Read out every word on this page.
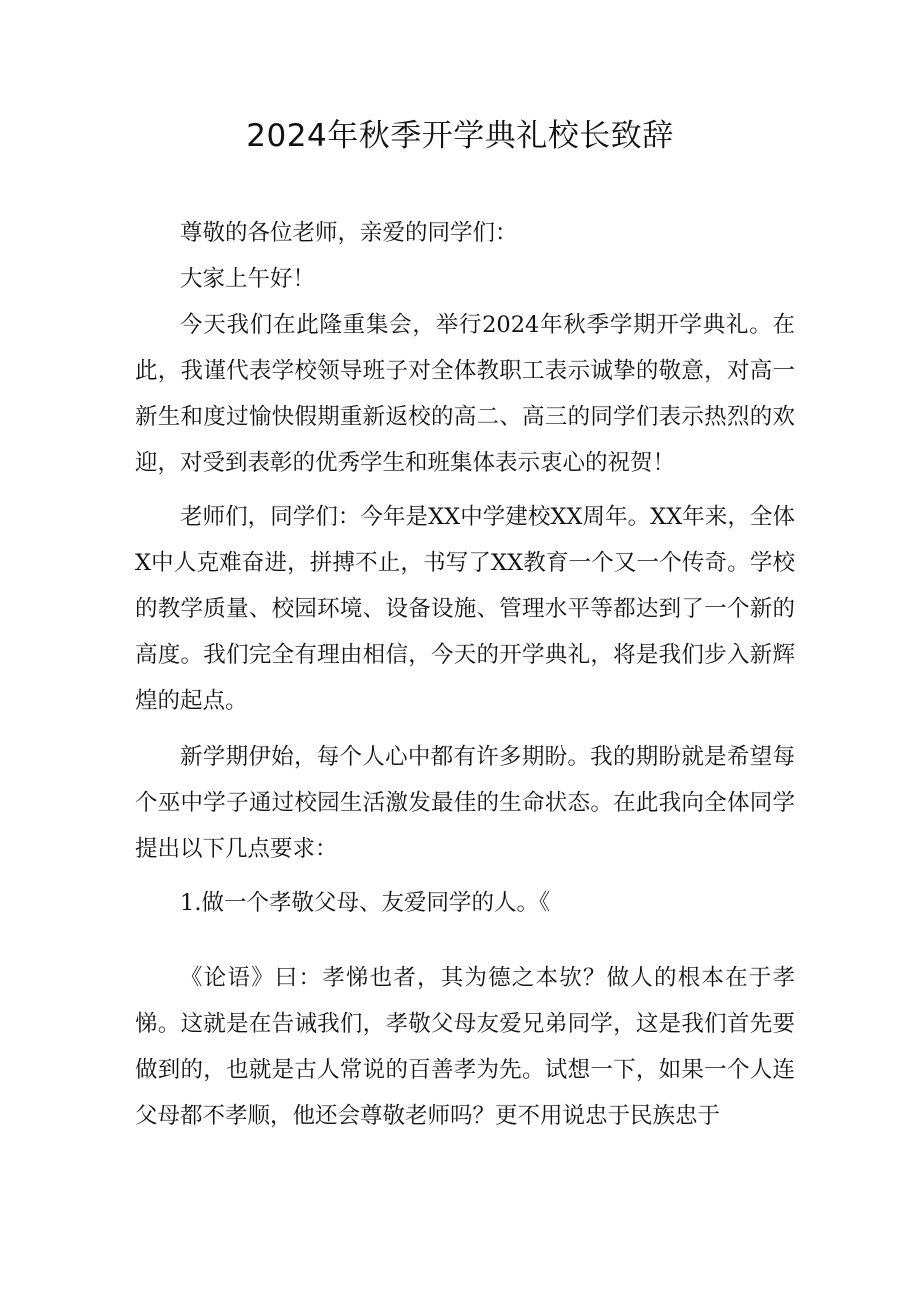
2024年秋季开学典礼校长致辞

尊敬的各位老师，亲爱的同学们：

大家上午好！

今天我们在此隆重集会，举行2024年秋季学期开学典礼。在此，我谨代表学校领导班子对全体教职工表示诚挚的敬意，对高一新生和度过愉快假期重新返校的高二、高三的同学们表示热烈的欢迎，对受到表彰的优秀学生和班集体表示衷心的祝贺！

老师们，同学们：今年是XX中学建校XX周年。XX年来，全体X中人克难奋进，拼搏不止，书写了XX教育一个又一个传奇。学校的教学质量、校园环境、设备设施、管理水平等都达到了一个新的高度。我们完全有理由相信，今天的开学典礼，将是我们步入新辉煌的起点。

新学期伊始，每个人心中都有许多期盼。我的期盼就是希望每个巫中学子通过校园生活激发最佳的生命状态。在此我向全体同学提出以下几点要求：

1.做一个孝敬父母、友爱同学的人。《

《论语》曰：孝悌也者，其为德之本欤？做人的根本在于孝悌。这就是在告诫我们，孝敬父母友爱兄弟同学，这是我们首先要做到的，也就是古人常说的百善孝为先。试想一下，如果一个人连父母都不孝顺，他还会尊敬老师吗？更不用说忠于民族忠于
